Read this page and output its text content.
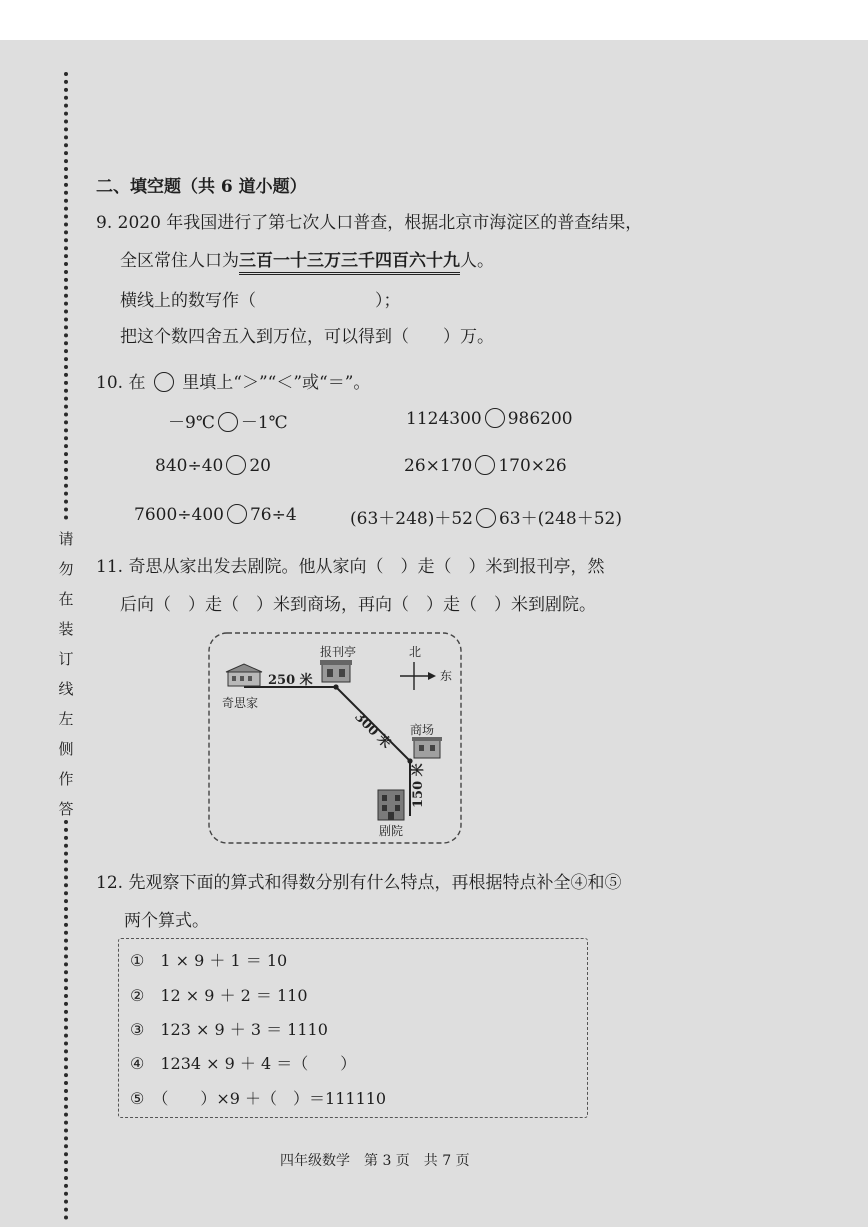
请
勿
在
装
订
线
左
侧
作
答
二、填空题（共 6 道小题）
9. 2020 年我国进行了第七次人口普查，根据北京市海淀区的普查结果，
全区常住人口为三百一十三万三千四百六十九人。
横线上的数写作（　　　　　　　）；
把这个数四舍五入到万位，可以得到（　　）万。
10. 在 里填上“＞”“＜”或“＝”。
－9℃ －1℃	1124300 986200
840÷40 20	26×170 170×26
7600÷400 76÷4	(63＋248)＋52 63＋(248＋52)
11. 奇思从家出发去剧院。他从家向（　）走（　）米到报刊亭，然
后向（　）走（　）米到商场，再向（　）走（　）米到剧院。
奇思家
250 米
报刊亭
300 米
北
东
商场
150 米
剧院
12. 先观察下面的算式和得数分别有什么特点，再根据特点补全④和⑤
两个算式。
①　 1 × 9 ＋ 1 ＝ 10
②　 12 × 9 ＋ 2 ＝ 110
③　 123 × 9 ＋ 3 ＝ 1110
④　 1234 × 9 ＋ 4 ＝（　　）
⑤　 （　　）×9 ＋（　）＝111110
四年级数学　第 3 页　共 7 页
